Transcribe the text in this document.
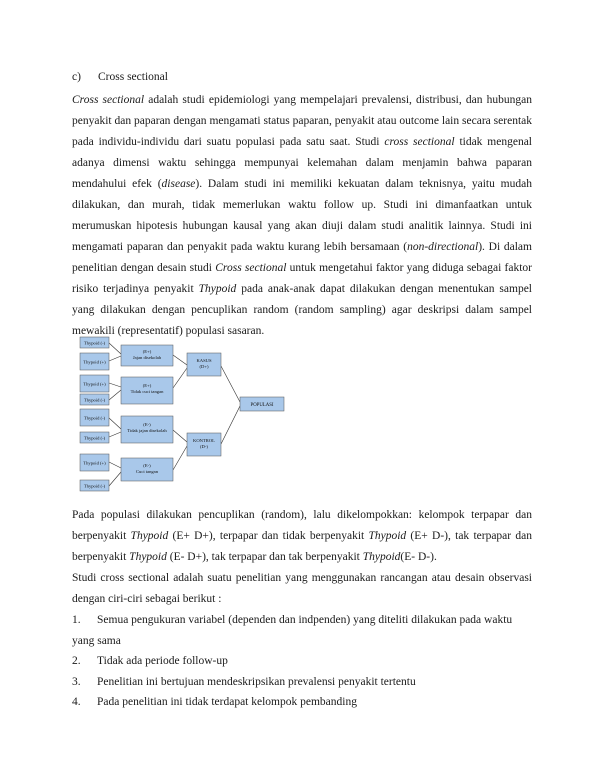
c) Cross sectional
Cross sectional adalah studi epidemiologi yang mempelajari prevalensi, distribusi, dan hubungan penyakit dan paparan dengan mengamati status paparan, penyakit atau outcome lain secara serentak pada individu-individu dari suatu populasi pada satu saat. Studi cross sectional tidak mengenal adanya dimensi waktu sehingga mempunyai kelemahan dalam menjamin bahwa paparan mendahului efek (disease). Dalam studi ini memiliki kekuatan dalam teknisnya, yaitu mudah dilakukan, dan murah, tidak memerlukan waktu follow up. Studi ini dimanfaatkan untuk merumuskan hipotesis hubungan kausal yang akan diuji dalam studi analitik lainnya. Studi ini mengamati paparan dan penyakit pada waktu kurang lebih bersamaan (non-directional). Di dalam penelitian dengan desain studi Cross sectional untuk mengetahui faktor yang diduga sebagai faktor risiko terjadinya penyakit Thypoid pada anak-anak dapat dilakukan dengan menentukan sampel yang dilakukan dengan pencuplikan random (random sampling) agar deskripsi dalam sampel mewakili (representatif) populasi sasaran.
Thypoid (-)
Thypoid (+)
Thypoid (+)
Thypoid (-)
Thypoid (-)
Thypoid (-)
Thypoid (+)
Thypoid (-)
(E+)
Jajan disekolah
(E+)
Tidak cuci tangan
(E-)
Tidak jajan disekolah
(E-)
Cuci tangan
KASUS
(D+)
KONTROL
(D-)
POPULASI
Pada populasi dilakukan pencuplikan (random), lalu dikelompokkan: kelompok terpapar dan berpenyakit Thypoid (E+ D+), terpapar dan tidak berpenyakit Thypoid (E+ D-), tak terpapar dan berpenyakit Thypoid (E- D+), tak terpapar dan tak berpenyakit Thypoid(E- D-).
Studi cross sectional adalah suatu penelitian yang menggunakan rancangan atau desain observasi dengan ciri-ciri sebagai berikut :
1.	Semua pengukuran variabel (dependen dan indpenden) yang diteliti dilakukan pada waktu yang sama
2. Tidak ada periode follow-up
3. Penelitian ini bertujuan mendeskripsikan prevalensi penyakit tertentu
4. Pada penelitian ini tidak terdapat kelompok pembanding
